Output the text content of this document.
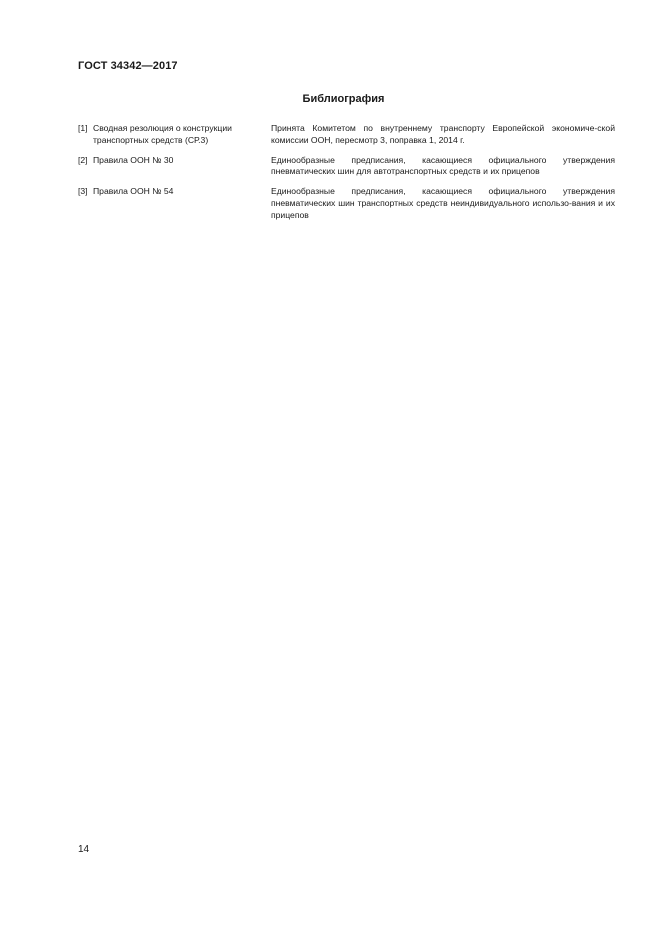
ГОСТ 34342—2017
Библиография
[1] Сводная резолюция о конструкции транспортных средств (СР.3)
Принята Комитетом по внутреннему транспорту Европейской экономиче-ской комиссии ООН, пересмотр 3, поправка 1, 2014 г.
[2] Правила ООН № 30	Единообразные предписания, касающиеся официального утверждения пневматических шин для автотранспортных средств и их прицепов
[3] Правила ООН № 54	Единообразные предписания, касающиеся официального утверждения пневматических шин транспортных средств неиндивидуального использо-вания и их прицепов
14
